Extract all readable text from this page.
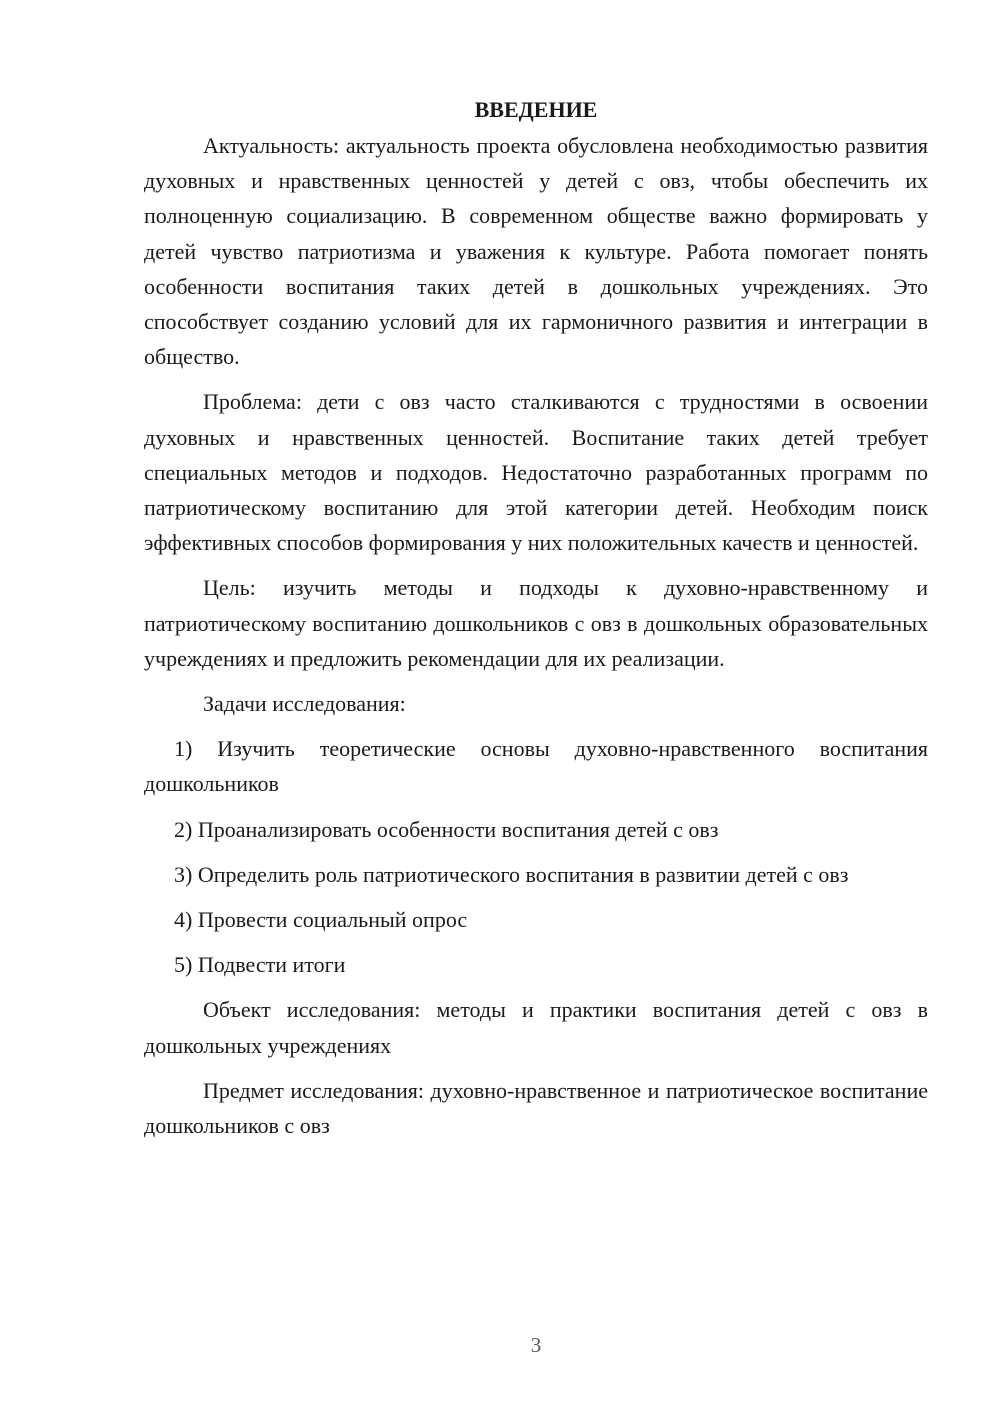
ВВЕДЕНИЕ

Актуальность: актуальность проекта обусловлена необходимостью развития духовных и нравственных ценностей у детей с овз, чтобы обеспечить их полноценную социализацию. В современном обществе важно формировать у детей чувство патриотизма и уважения к культуре. Работа помогает понять особенности воспитания таких детей в дошкольных учреждениях. Это способствует созданию условий для их гармоничного развития и интеграции в общество.

Проблема: дети с овз часто сталкиваются с трудностями в освоении духовных и нравственных ценностей. Воспитание таких детей требует специальных методов и подходов. Недостаточно разработанных программ по патриотическому воспитанию для этой категории детей. Необходим поиск эффективных способов формирования у них положительных качеств и ценностей.

Цель: изучить методы и подходы к духовно-нравственному и патриотическому воспитанию дошкольников с овз в дошкольных образовательных учреждениях и предложить рекомендации для их реализации.

Задачи исследования:

1) Изучить теоретические основы духовно-нравственного воспитания дошкольников

2) Проанализировать особенности воспитания детей с овз

3) Определить роль патриотического воспитания в развитии детей с овз

4) Провести социальный опрос

5) Подвести итоги

Объект исследования: методы и практики воспитания детей с овз в дошкольных учреждениях

Предмет исследования: духовно-нравственное и патриотическое воспитание дошкольников с овз

3
